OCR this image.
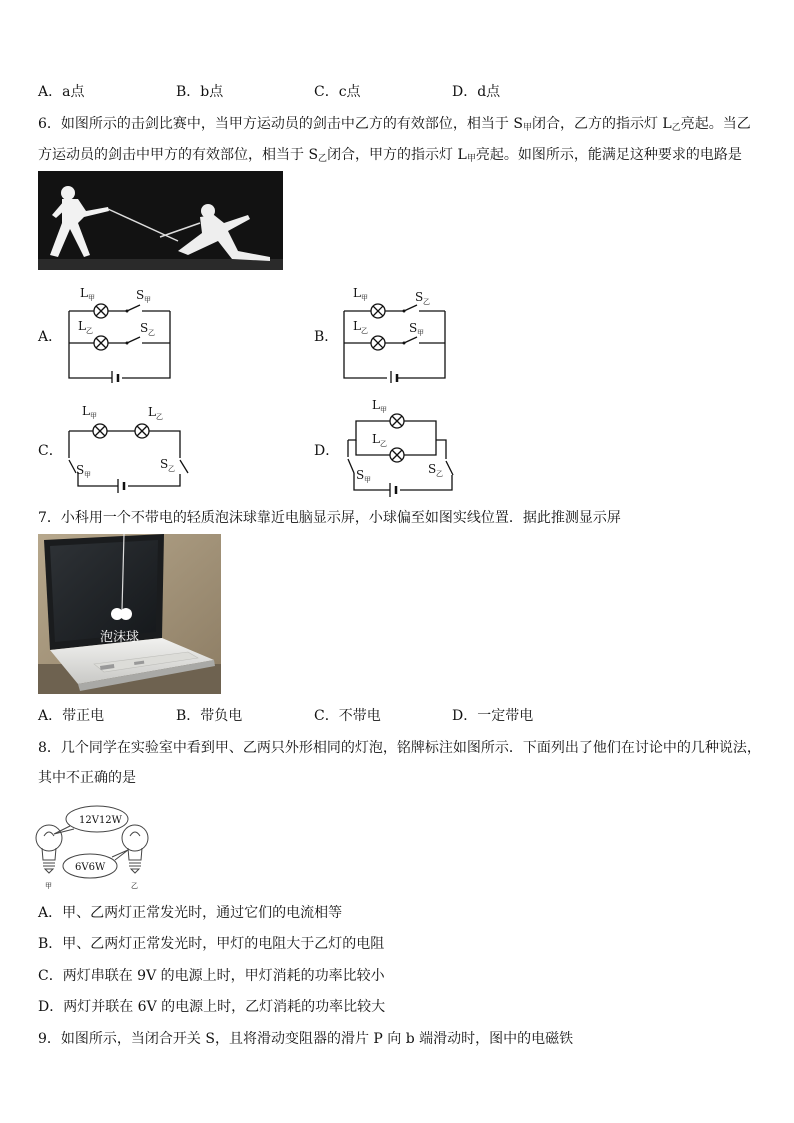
A．a点	B．b点	C．c点	D．d点
6．如图所示的击剑比赛中，当甲方运动员的剑击中乙方的有效部位，相当于 $S_甲$闭合，乙方的指示灯 $L_乙$亮起。当乙
方运动员的剑击中甲方的有效部位，相当于 $S_乙$闭合，甲方的指示灯 $L_甲$亮起。如图所示，能满足这种要求的电路是
A．	B．
C．	D．
L 甲	S 甲
L 乙	S 乙
L 甲	S 乙
L 乙	S 甲
L 甲	L 乙
S 甲
S 乙
L 甲
L 乙
S 甲
S 乙
7．小科用一个不带电的轻质泡沫球靠近电脑显示屏，小球偏至如图实线位置．据此推测显示屏
泡沫球
A．带正电	B．带负电	C．不带电	D．一定带电
8．几个同学在实验室中看到甲、乙两只外形相同的灯泡，铭牌标注如图所示．下面列出了他们在讨论中的几种说法，
其中不正确的是
12V12W
6V6W
甲	乙
A．甲、乙两灯正常发光时，通过它们的电流相等
B．甲、乙两灯正常发光时，甲灯的电阻大于乙灯的电阻
C．两灯串联在 9V 的电源上时，甲灯消耗的功率比较小
D．两灯并联在 6V 的电源上时，乙灯消耗的功率比较大
9．如图所示，当闭合开关 S，且将滑动变阻器的滑片 P 向 b 端滑动时，图中的电磁铁
